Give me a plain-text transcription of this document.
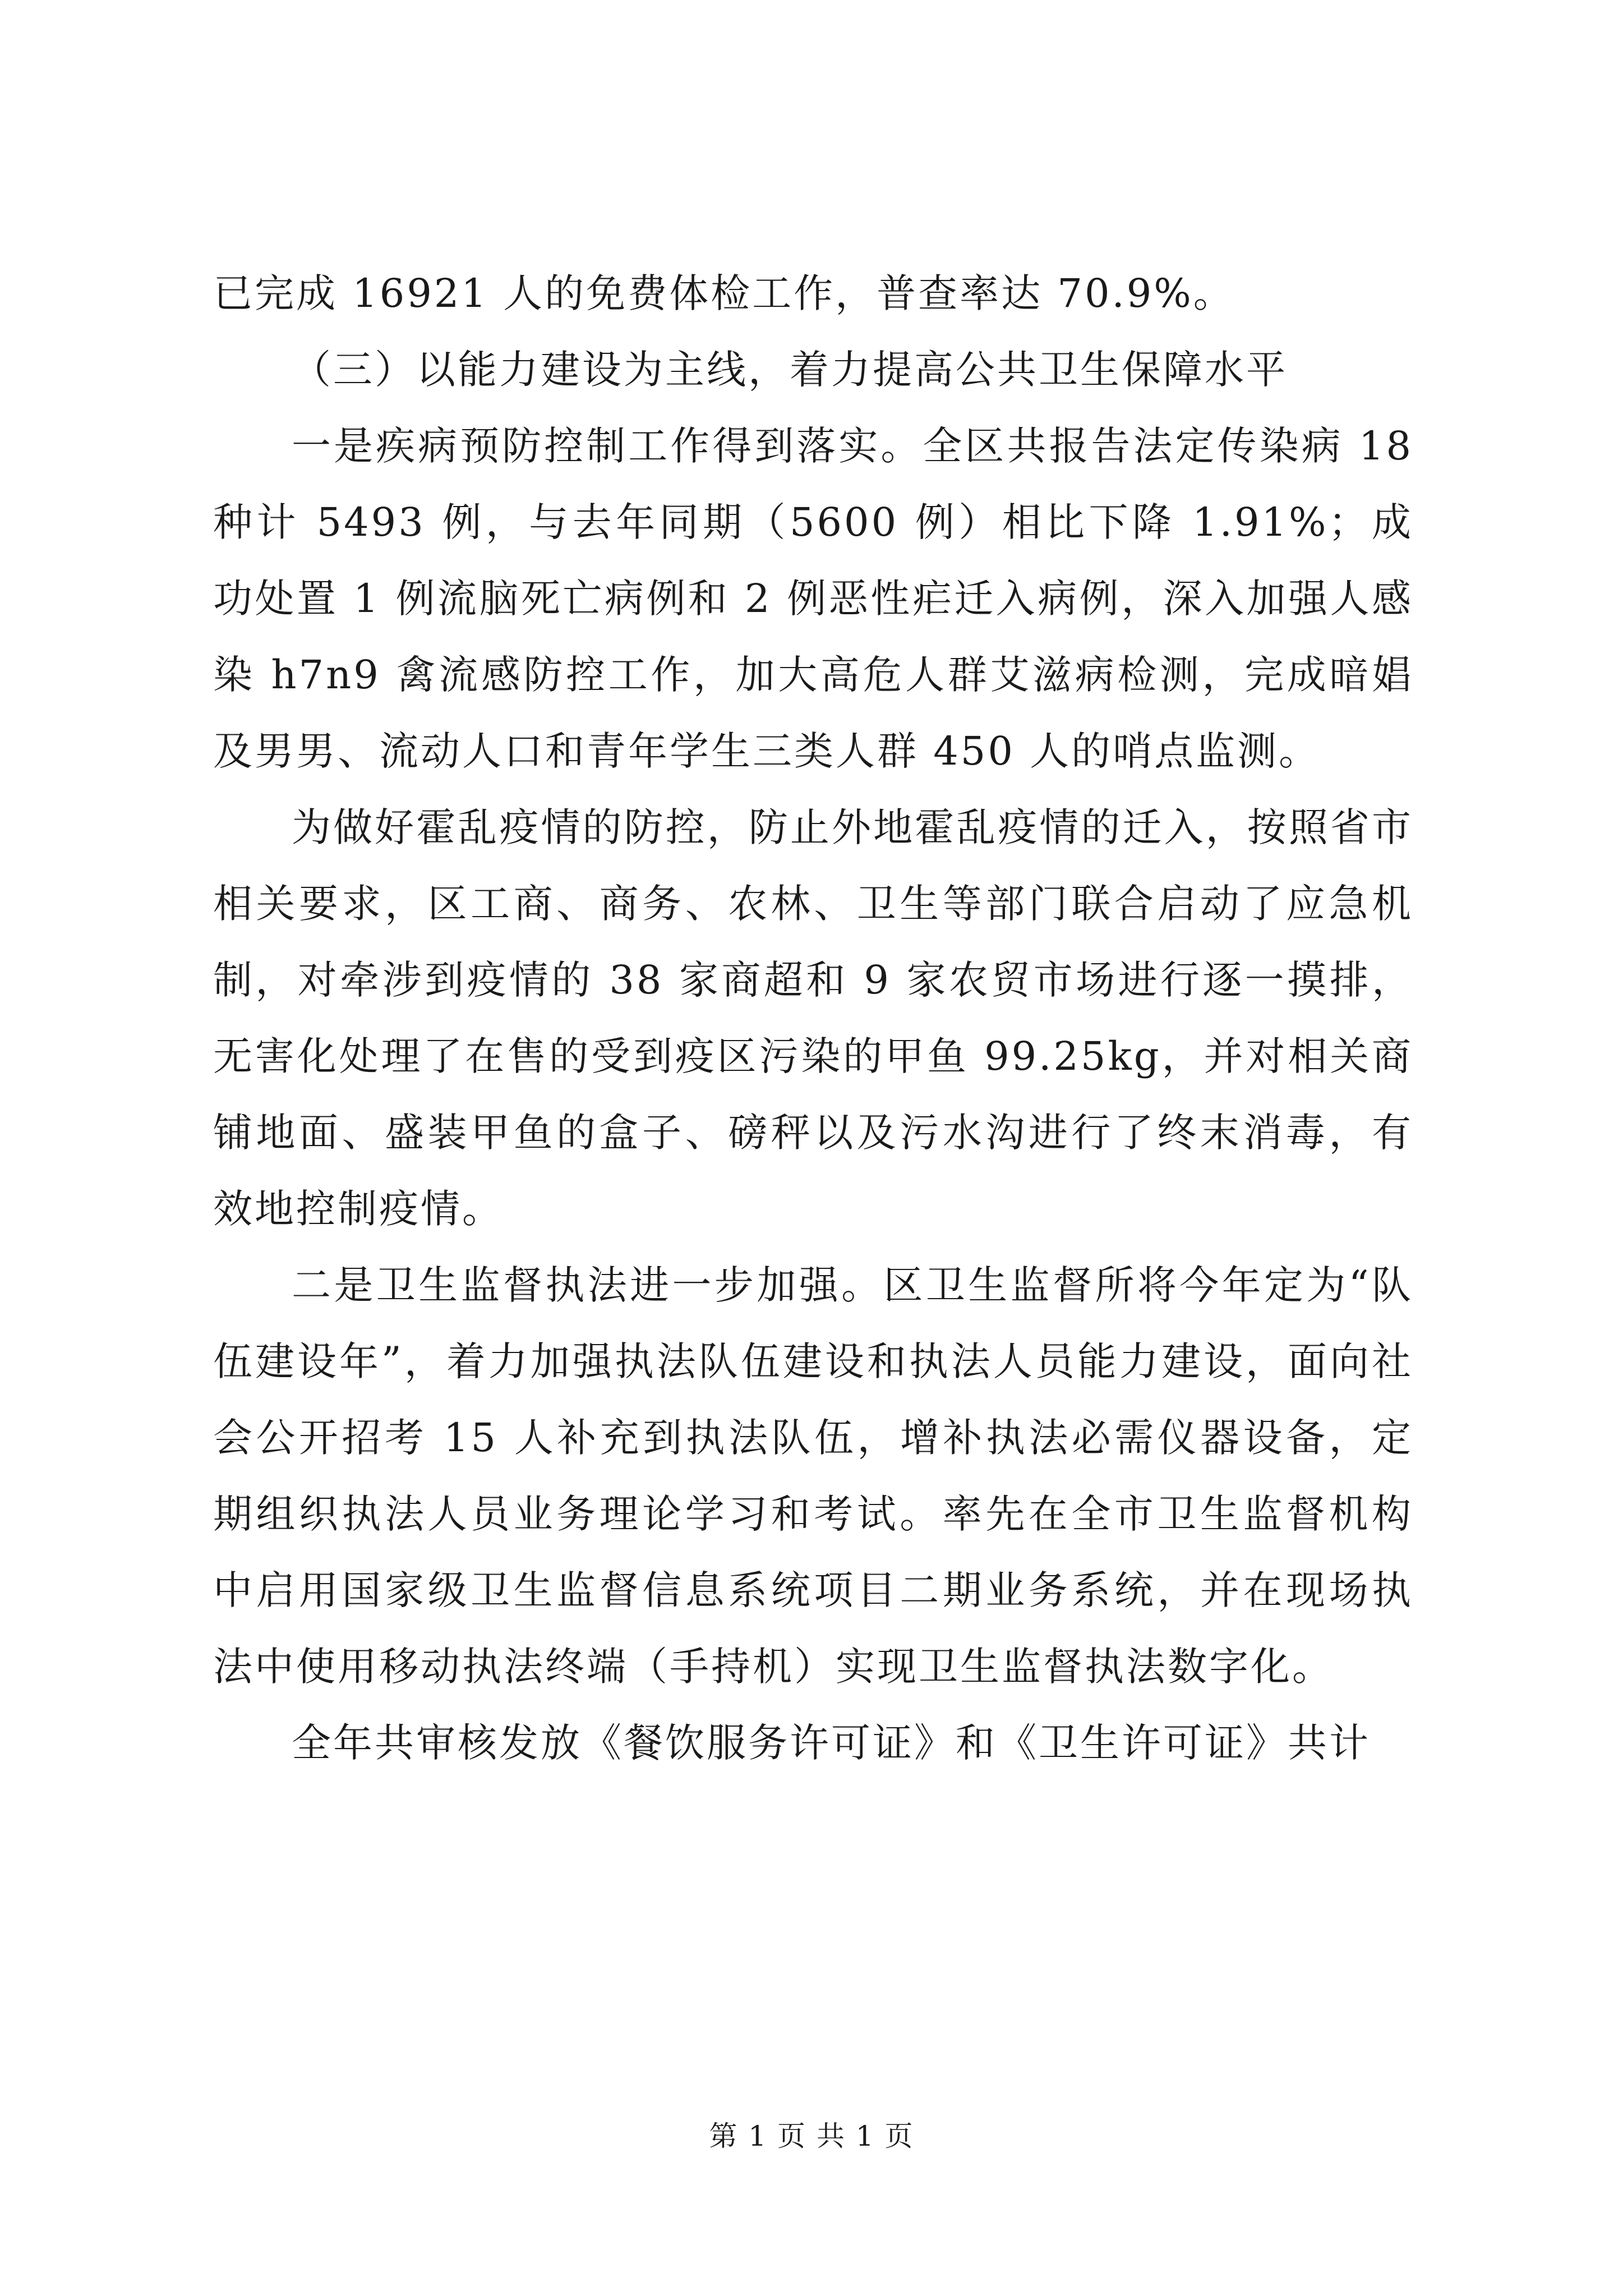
已完成 16921 人的免费体检工作，普查率达 70.9%。

（三）以能力建设为主线，着力提高公共卫生保障水平

一是疾病预防控制工作得到落实。全区共报告法定传染病 18 种计 5493 例，与去年同期（5600 例）相比下降 1.91%；成功处置 1 例流脑死亡病例和 2 例恶性疟迁入病例，深入加强人感染 h7n9 禽流感防控工作，加大高危人群艾滋病检测，完成暗娼及男男、流动人口和青年学生三类人群 450 人的哨点监测。

为做好霍乱疫情的防控，防止外地霍乱疫情的迁入，按照省市相关要求，区工商、商务、农林、卫生等部门联合启动了应急机制，对牵涉到疫情的 38 家商超和 9 家农贸市场进行逐一摸排，无害化处理了在售的受到疫区污染的甲鱼 99.25kg，并对相关商铺地面、盛装甲鱼的盒子、磅秤以及污水沟进行了终末消毒，有效地控制疫情。

二是卫生监督执法进一步加强。区卫生监督所将今年定为“队伍建设年”，着力加强执法队伍建设和执法人员能力建设，面向社会公开招考 15 人补充到执法队伍，增补执法必需仪器设备，定期组织执法人员业务理论学习和考试。率先在全市卫生监督机构中启用国家级卫生监督信息系统项目二期业务系统，并在现场执法中使用移动执法终端（手持机）实现卫生监督执法数字化。

全年共审核发放《餐饮服务许可证》和《卫生许可证》共计

第 1 页 共 1 页
